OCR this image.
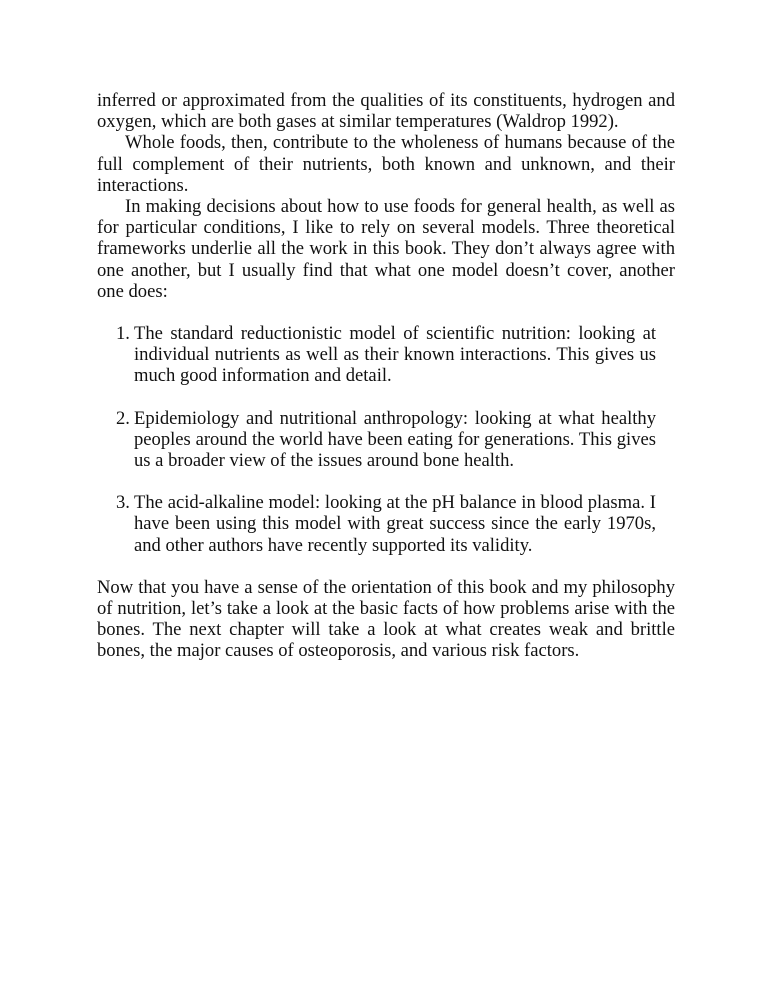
inferred or approximated from the qualities of its constituents, hydrogen and oxygen, which are both gases at similar temperatures (Waldrop 1992).

Whole foods, then, contribute to the wholeness of humans because of the full complement of their nutrients, both known and unknown, and their interactions.

In making decisions about how to use foods for general health, as well as for particular conditions, I like to rely on several models. Three theoretical frameworks underlie all the work in this book. They don’t always agree with one another, but I usually find that what one model doesn’t cover, another one does:

1. The standard reductionistic model of scientific nutrition: looking at individual nutrients as well as their known interactions. This gives us much good information and detail.
2. Epidemiology and nutritional anthropology: looking at what healthy peoples around the world have been eating for generations. This gives us a broader view of the issues around bone health.
3. The acid-alkaline model: looking at the pH balance in blood plasma. I have been using this model with great success since the early 1970s, and other authors have recently supported its validity.

Now that you have a sense of the orientation of this book and my philosophy of nutrition, let’s take a look at the basic facts of how problems arise with the bones. The next chapter will take a look at what creates weak and brittle bones, the major causes of osteoporosis, and various risk factors.
